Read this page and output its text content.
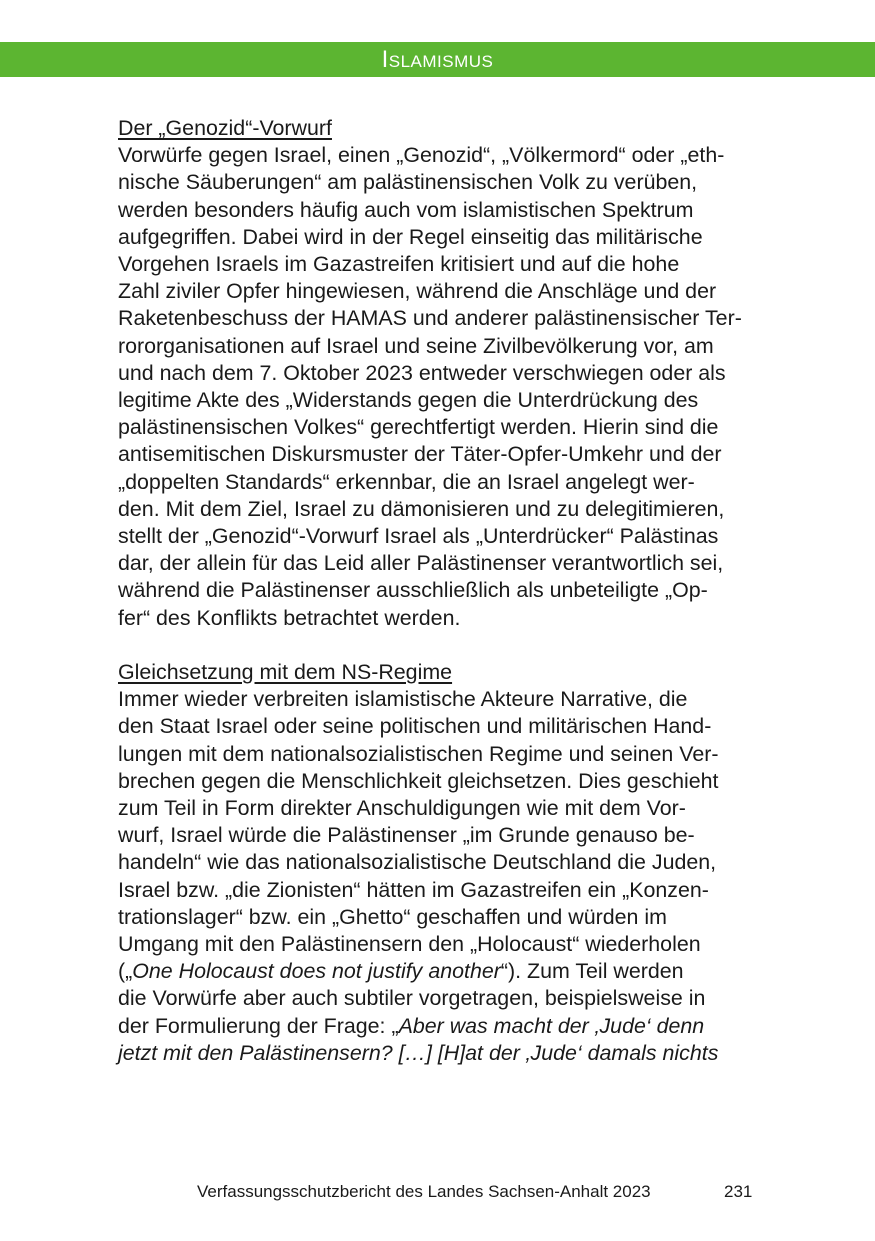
Islamismus
Der „Genozid“-Vorwurf
Vorwürfe gegen Israel, einen „Genozid“, „Völkermord“ oder „eth-
nische Säuberungen“ am palästinensischen Volk zu verüben,
werden besonders häufig auch vom islamistischen Spektrum
aufgegriffen. Dabei wird in der Regel einseitig das militärische
Vorgehen Israels im Gazastreifen kritisiert und auf die hohe
Zahl ziviler Opfer hingewiesen, während die Anschläge und der
Raketenbeschuss der HAMAS und anderer palästinensischer Ter-
rororganisationen auf Israel und seine Zivilbevölkerung vor, am
und nach dem 7. Oktober 2023 entweder verschwiegen oder als
legitime Akte des „Widerstands gegen die Unterdrückung des
palästinensischen Volkes“ gerechtfertigt werden. Hierin sind die
antisemitischen Diskursmuster der Täter-Opfer-Umkehr und der
„doppelten Standards“ erkennbar, die an Israel angelegt wer-
den. Mit dem Ziel, Israel zu dämonisieren und zu delegitimieren,
stellt der „Genozid“-Vorwurf Israel als „Unterdrücker“ Palästinas
dar, der allein für das Leid aller Palästinenser verantwortlich sei,
während die Palästinenser ausschließlich als unbeteiligte „Op-
fer“ des Konflikts betrachtet werden.
Gleichsetzung mit dem NS-Regime
Immer wieder verbreiten islamistische Akteure Narrative, die
den Staat Israel oder seine politischen und militärischen Hand-
lungen mit dem nationalsozialistischen Regime und seinen Ver-
brechen gegen die Menschlichkeit gleichsetzen. Dies geschieht
zum Teil in Form direkter Anschuldigungen wie mit dem Vor-
wurf, Israel würde die Palästinenser „im Grunde genauso be-
handeln“ wie das nationalsozialistische Deutschland die Juden,
Israel bzw. „die Zionisten“ hätten im Gazastreifen ein „Konzen-
trationslager“ bzw. ein „Ghetto“ geschaffen und würden im
Umgang mit den Palästinensern den „Holocaust“ wiederholen
(„One Holocaust does not justify another“). Zum Teil werden
die Vorwürfe aber auch subtiler vorgetragen, beispielsweise in
der Formulierung der Frage: „Aber was macht der ‚Jude‘ denn
jetzt mit den Palästinensern? […] [H]at der ‚Jude‘ damals nichts
Verfassungsschutzbericht des Landes Sachsen-Anhalt 2023	231
